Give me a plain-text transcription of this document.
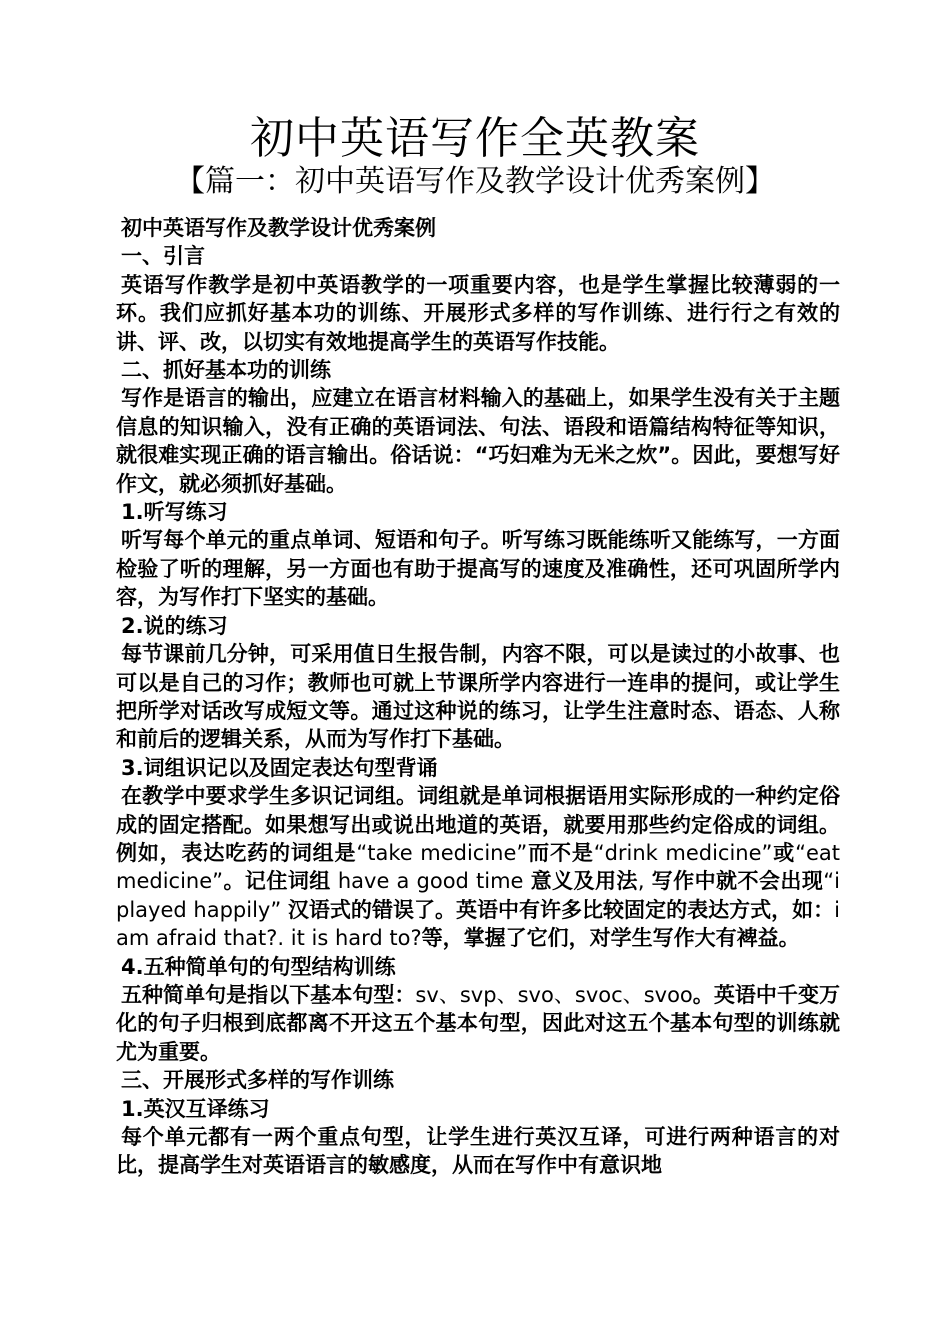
初中英语写作全英教案
【篇一：初中英语写作及教学设计优秀案例】

初中英语写作及教学设计优秀案例

一、引言

英语写作教学是初中英语教学的一项重要内容，也是学生掌握比较薄弱的一环。我们应抓好基本功的训练、开展形式多样的写作训练、进行行之有效的讲、评、改，以切实有效地提高学生的英语写作技能。

二、抓好基本功的训练

写作是语言的输出，应建立在语言材料输入的基础上，如果学生没有关于主题信息的知识输入，没有正确的英语词法、句法、语段和语篇结构特征等知识，就很难实现正确的语言输出。俗话说：“巧妇难为无米之炊”。因此，要想写好作文，就必须抓好基础。

1.听写练习

听写每个单元的重点单词、短语和句子。听写练习既能练听又能练写，一方面检验了听的理解，另一方面也有助于提高写的速度及准确性，还可巩固所学内容，为写作打下坚实的基础。

2.说的练习

每节课前几分钟，可采用值日生报告制，内容不限，可以是读过的小故事、也可以是自己的习作；教师也可就上节课所学内容进行一连串的提问，或让学生把所学对话改写成短文等。通过这种说的练习，让学生注意时态、语态、人称和前后的逻辑关系，从而为写作打下基础。

3.词组识记以及固定表达句型背诵

在教学中要求学生多识记词组。词组就是单词根据语用实际形成的一种约定俗成的固定搭配。如果想写出或说出地道的英语，就要用那些约定俗成的词组。例如，表达吃药的词组是“take medicine”而不是“drink medicine”或“eat medicine”。记住词组 have a good time 意义及用法, 写作中就不会出现“i played happily” 汉语式的错误了。英语中有许多比较固定的表达方式，如：i am afraid that?. it is hard to?等，掌握了它们，对学生写作大有裨益。

4.五种简单句的句型结构训练

五种简单句是指以下基本句型：sv、svp、svo、svoc、svoo。英语中千变万化的句子归根到底都离不开这五个基本句型，因此对这五个基本句型的训练就尤为重要。

三、开展形式多样的写作训练

1.英汉互译练习

每个单元都有一两个重点句型，让学生进行英汉互译，可进行两种语言的对比，提高学生对英语语言的敏感度，从而在写作中有意识地
